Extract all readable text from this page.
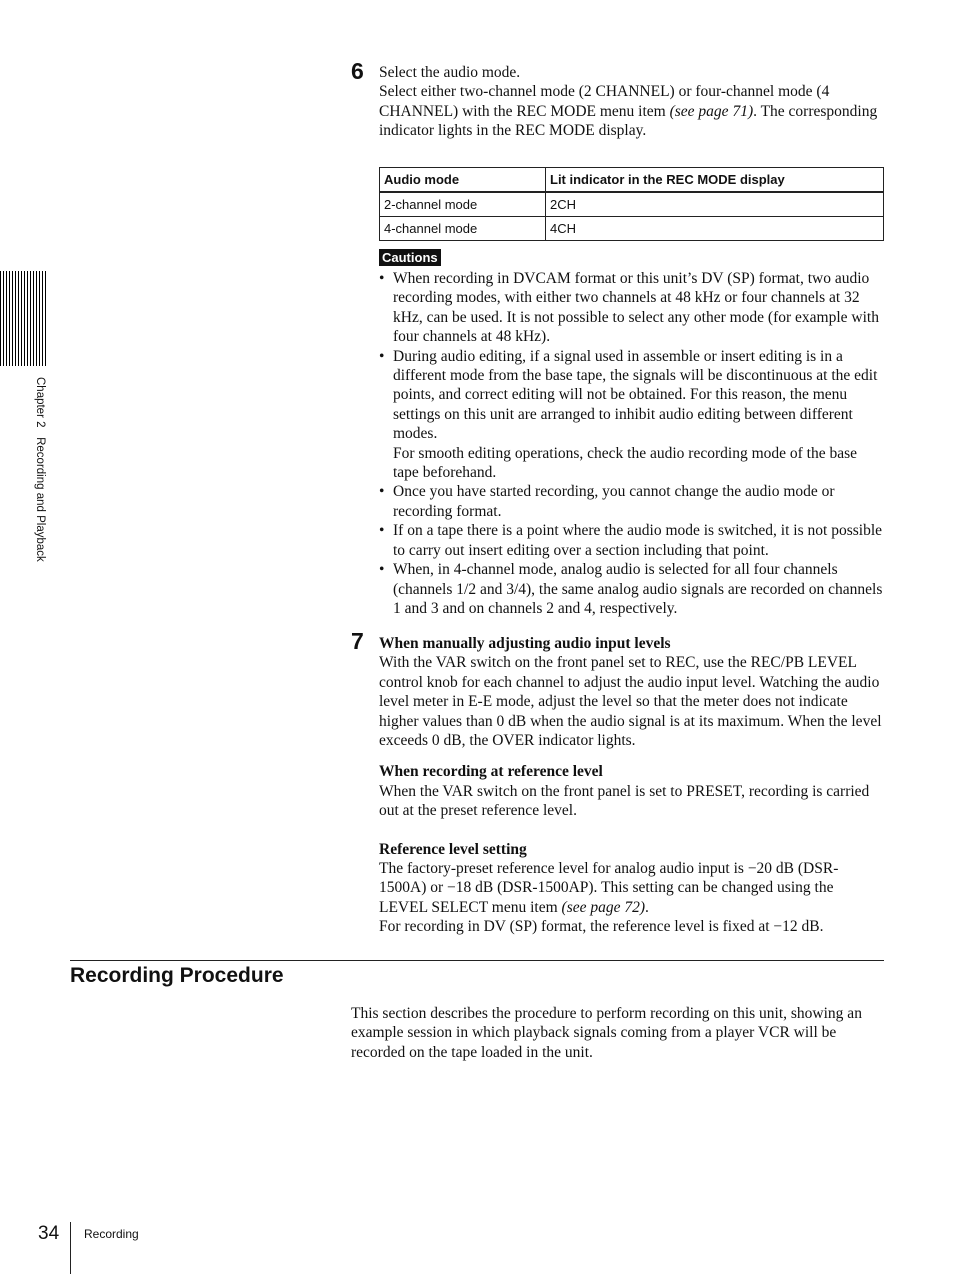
Chapter 2   Recording and Playback
6 Select the audio mode.

Select either two-channel mode (2 CHANNEL) or four-channel mode (4 CHANNEL) with the REC MODE menu item (see page 71). The corresponding indicator lights in the REC MODE display.

Audio mode	Lit indicator in the REC MODE display
2-channel mode	2CH
4-channel mode	4CH
Cautions
• When recording in DVCAM format or this unit’s DV (SP) format, two audio recording modes, with either two channels at 48 kHz or four channels at 32 kHz, can be used. It is not possible to select any other mode (for example with four channels at 48 kHz).
• During audio editing, if a signal used in assemble or insert editing is in a different mode from the base tape, the signals will be discontinuous at the edit points, and correct editing will not be obtained. For this reason, the menu settings on this unit are arranged to inhibit audio editing between different modes.
For smooth editing operations, check the audio recording mode of the base tape beforehand.
• Once you have started recording, you cannot change the audio mode or recording format.
• If on a tape there is a point where the audio mode is switched, it is not possible to carry out insert editing over a section including that point.
• When, in 4-channel mode, analog audio is selected for all four channels (channels 1/2 and 3/4), the same analog audio signals are recorded on channels 1 and 3 and on channels 2 and 4, respectively.
7 When manually adjusting audio input levels

With the VAR switch on the front panel set to REC, use the REC/PB LEVEL control knob for each channel to adjust the audio input level. Watching the audio level meter in E-E mode, adjust the level so that the meter does not indicate higher values than 0 dB when the audio signal is at its maximum. When the level exceeds 0 dB, the OVER indicator lights.

When recording at reference level

When the VAR switch on the front panel is set to PRESET, recording is carried out at the preset reference level.

Reference level setting

The factory-preset reference level for analog audio input is −20 dB (DSR-1500A) or −18 dB (DSR-1500AP). This setting can be changed using the LEVEL SELECT menu item (see page 72).

For recording in DV (SP) format, the reference level is fixed at −12 dB.

Recording Procedure
This section describes the procedure to perform recording on this unit, showing an example session in which playback signals coming from a player VCR will be recorded on the tape loaded in the unit.
34 Recording
